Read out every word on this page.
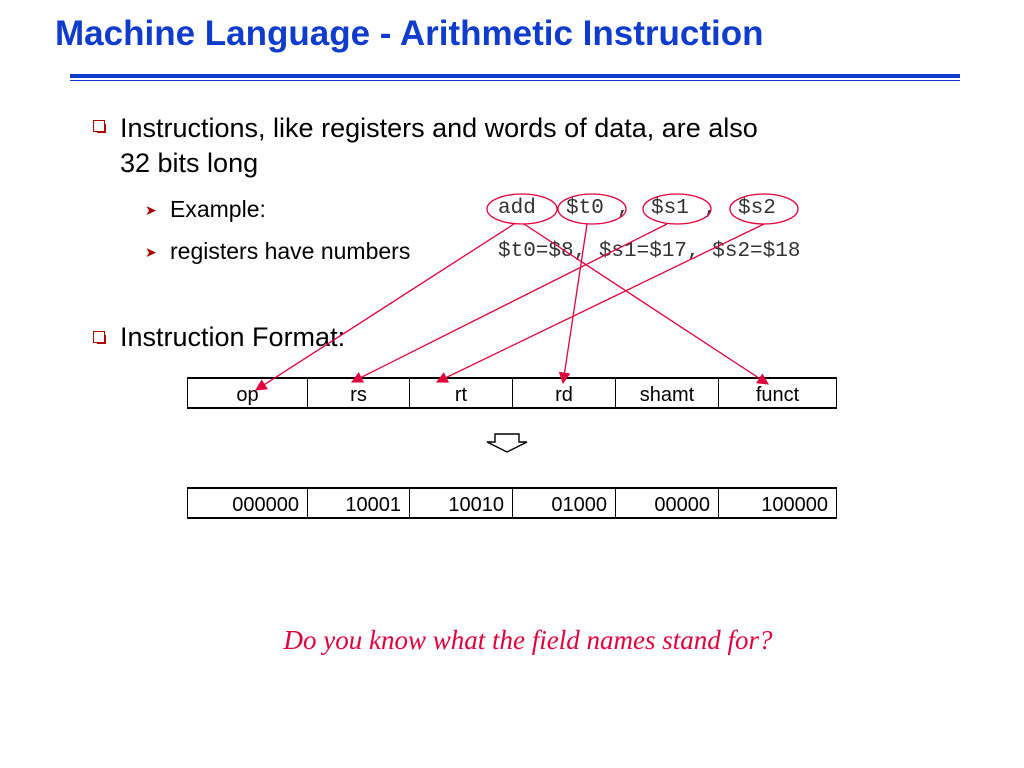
Machine Language - Arithmetic Instruction
Instructions, like registers and words of data, are also
32 bits long
➤ Example:	add $t0 , $s1 , $s2
➤ registers have numbers	$t0=$8, $s1=$17, $s2=$18
Instruction Format:
op	rs	rt	rd	shamt	funct
000000	10001	10010	01000	00000	100000
Do you know what the field names stand for?
